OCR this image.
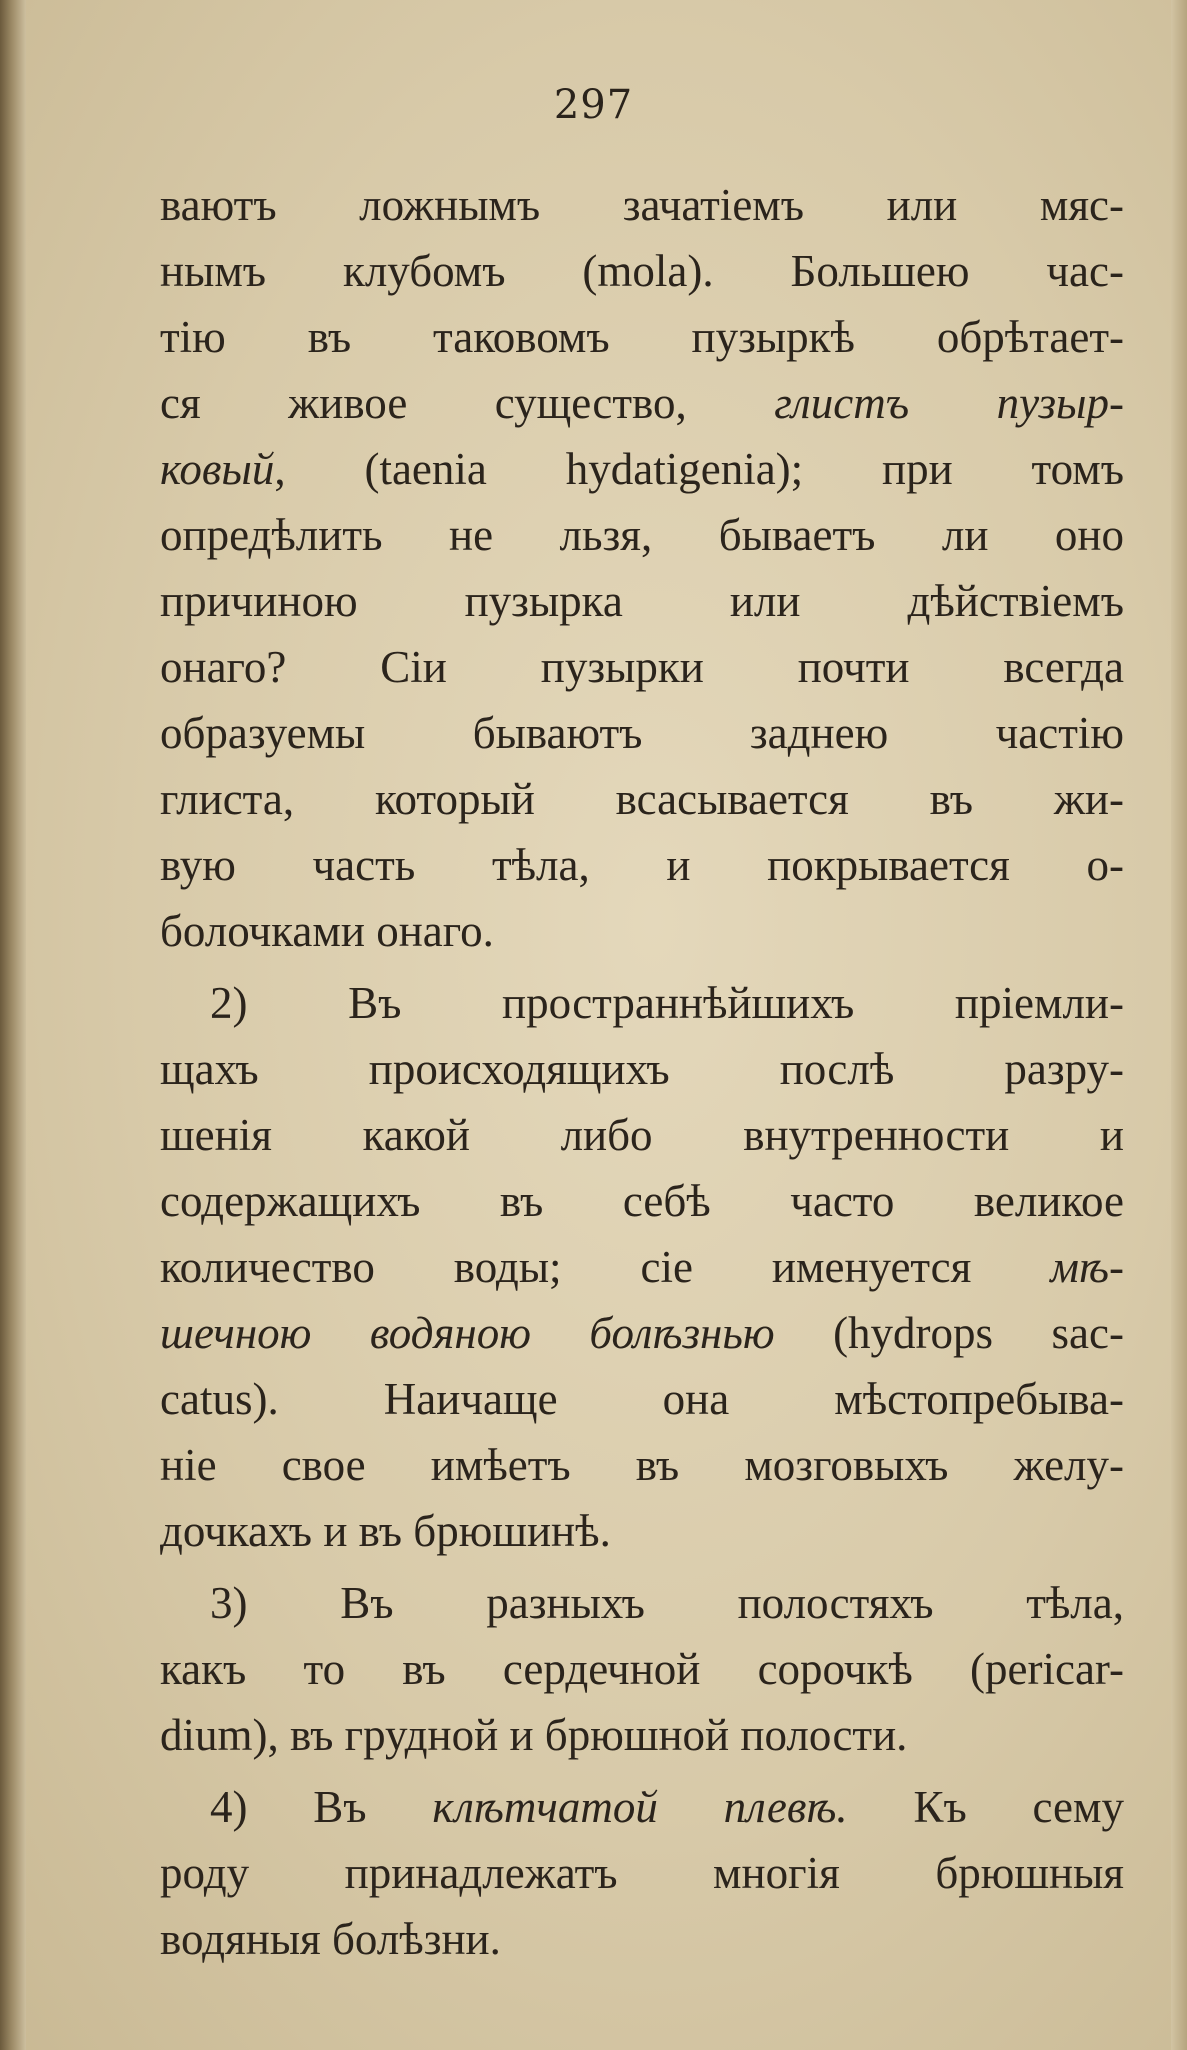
297
ваютъ ложнымъ зачатіемъ или мяс-
нымъ клубомъ (mola). Большею час-
тію въ таковомъ пузыркѣ обрѣтает-
ся живое существо, глистъ пузыр-
ковый, (taenia hydatigenia); при томъ
опредѣлить не льзя, бываетъ ли оно
причиною пузырка или дѣйствіемъ
онаго? Сіи пузырки почти всегда
образуемы бываютъ заднею частію
глиста, который всасывается въ жи-
вую часть тѣла, и покрывается о-
болочками онаго.
2) Въ пространнѣйшихъ пріемли-
щахъ происходящихъ послѣ разру-
шенія какой либо внутренности и
содержащихъ въ себѣ часто великое
количество воды; сіе именуется мѣ-
шечною водяною болѣзнью (hydrops sac-
catus). Наичаще она мѣстопребыва-
ніе свое имѣетъ въ мозговыхъ желу-
дочкахъ и въ брюшинѣ.
3) Въ разныхъ полостяхъ тѣла,
какъ то въ сердечной сорочкѣ (pericar-
dium), въ грудной и брюшной полости.
4) Въ клѣтчатой плевѣ. Къ сему
роду принадлежатъ многія брюшныя
водяныя болѣзни.
